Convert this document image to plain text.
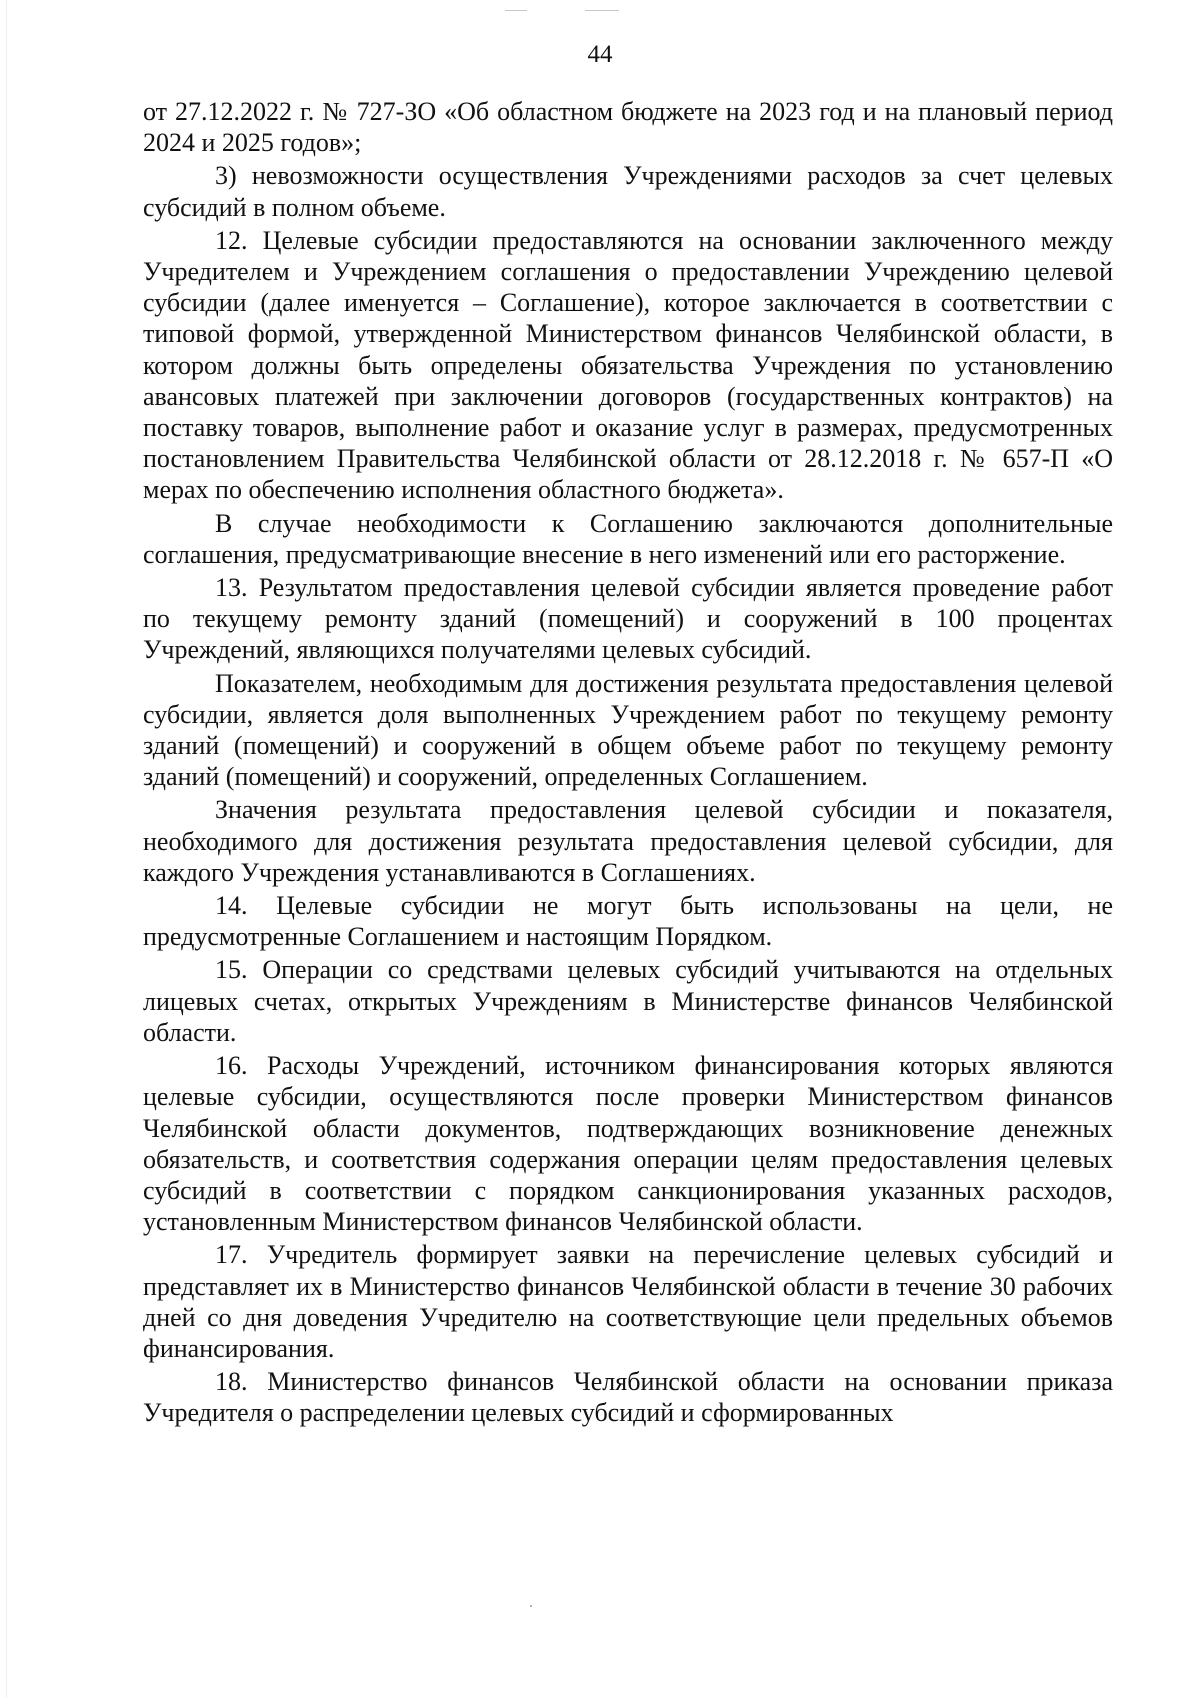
44

от 27.12.2022 г. № 727-ЗО «Об областном бюджете на 2023 год и на плановый период 2024 и 2025 годов»;

3) невозможности осуществления Учреждениями расходов за счет целевых субсидий в полном объеме.

12. Целевые субсидии предоставляются на основании заключенного между Учредителем и Учреждением соглашения о предоставлении Учреждению целевой субсидии (далее именуется – Соглашение), которое заключается в соответствии с типовой формой, утвержденной Министерством финансов Челябинской области, в котором должны быть определены обязательства Учреждения по установлению авансовых платежей при заключении договоров (государственных контрактов) на поставку товаров, выполнение работ и оказание услуг в размерах, предусмотренных постановлением Правительства Челябинской области от 28.12.2018 г. № 657-П «О мерах по обеспечению исполнения областного бюджета».

В случае необходимости к Соглашению заключаются дополнительные соглашения, предусматривающие внесение в него изменений или его расторжение.

13. Результатом предоставления целевой субсидии является проведение работ по текущему ремонту зданий (помещений) и сооружений в 100 процентах Учреждений, являющихся получателями целевых субсидий.

Показателем, необходимым для достижения результата предоставления целевой субсидии, является доля выполненных Учреждением работ по текущему ремонту зданий (помещений) и сооружений в общем объеме работ по текущему ремонту зданий (помещений) и сооружений, определенных Соглашением.

Значения результата предоставления целевой субсидии и показателя, необходимого для достижения результата предоставления целевой субсидии, для каждого Учреждения устанавливаются в Соглашениях.

14. Целевые субсидии не могут быть использованы на цели, не предусмотренные Соглашением и настоящим Порядком.

15. Операции со средствами целевых субсидий учитываются на отдельных лицевых счетах, открытых Учреждениям в Министерстве финансов Челябинской области.

16. Расходы Учреждений, источником финансирования которых являются целевые субсидии, осуществляются после проверки Министерством финансов Челябинской области документов, подтверждающих возникновение денежных обязательств, и соответствия содержания операции целям предоставления целевых субсидий в соответствии с порядком санкционирования указанных расходов, установленным Министерством финансов Челябинской области.

17. Учредитель формирует заявки на перечисление целевых субсидий и представляет их в Министерство финансов Челябинской области в течение 30 рабочих дней со дня доведения Учредителю на соответствующие цели предельных объемов финансирования.

18. Министерство финансов Челябинской области на основании приказа Учредителя о распределении целевых субсидий и сформированных
